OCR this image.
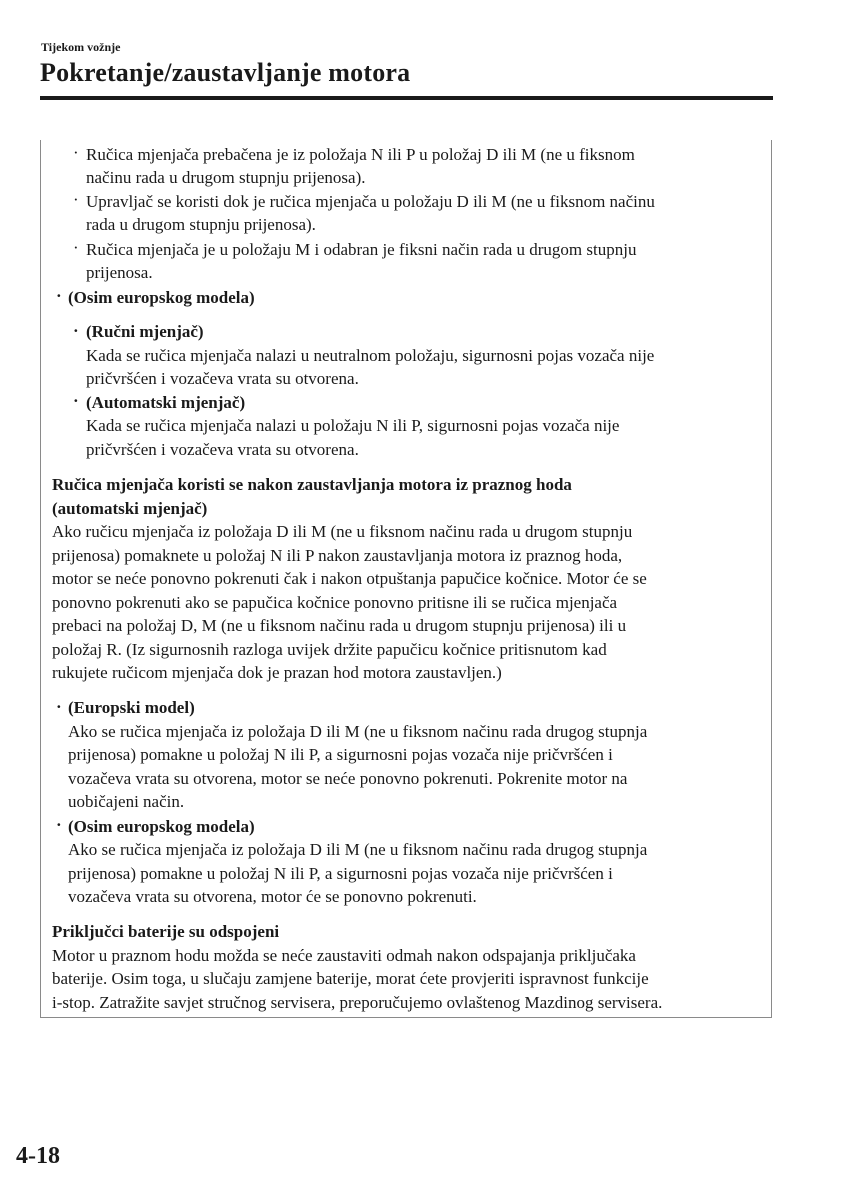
Tijekom vožnje
Pokretanje/zaustavljanje motora
· Ručica mjenjača prebačena je iz položaja N ili P u položaj D ili M (ne u fiksnom
načinu rada u drugom stupnju prijenosa).
· Upravljač se koristi dok je ručica mjenjača u položaju D ili M (ne u fiksnom načinu
rada u drugom stupnju prijenosa).
· Ručica mjenjača je u položaju M i odabran je fiksni način rada u drugom stupnju
prijenosa.
· (Osim europskog modela)
· (Ručni mjenjač)
Kada se ručica mjenjača nalazi u neutralnom položaju, sigurnosni pojas vozača nije
pričvršćen i vozačeva vrata su otvorena.
· (Automatski mjenjač)
Kada se ručica mjenjača nalazi u položaju N ili P, sigurnosni pojas vozača nije
pričvršćen i vozačeva vrata su otvorena.
Ručica mjenjača koristi se nakon zaustavljanja motora iz praznog hoda
(automatski mjenjač)
Ako ručicu mjenjača iz položaja D ili M (ne u fiksnom načinu rada u drugom stupnju
prijenosa) pomaknete u položaj N ili P nakon zaustavljanja motora iz praznog hoda,
motor se neće ponovno pokrenuti čak i nakon otpuštanja papučice kočnice. Motor će se
ponovno pokrenuti ako se papučica kočnice ponovno pritisne ili se ručica mjenjača
prebaci na položaj D, M (ne u fiksnom načinu rada u drugom stupnju prijenosa) ili u
položaj R. (Iz sigurnosnih razloga uvijek držite papučicu kočnice pritisnutom kad
rukujete ručicom mjenjača dok je prazan hod motora zaustavljen.)
· (Europski model)
Ako se ručica mjenjača iz položaja D ili M (ne u fiksnom načinu rada drugog stupnja
prijenosa) pomakne u položaj N ili P, a sigurnosni pojas vozača nije pričvršćen i
vozačeva vrata su otvorena, motor se neće ponovno pokrenuti. Pokrenite motor na
uobičajeni način.
· (Osim europskog modela)
Ako se ručica mjenjača iz položaja D ili M (ne u fiksnom načinu rada drugog stupnja
prijenosa) pomakne u položaj N ili P, a sigurnosni pojas vozača nije pričvršćen i
vozačeva vrata su otvorena, motor će se ponovno pokrenuti.
Priključci baterije su odspojeni
Motor u praznom hodu možda se neće zaustaviti odmah nakon odspajanja priključaka
baterije. Osim toga, u slučaju zamjene baterije, morat ćete provjeriti ispravnost funkcije
i-stop. Zatražite savjet stručnog servisera, preporučujemo ovlaštenog Mazdinog servisera.
4-18
